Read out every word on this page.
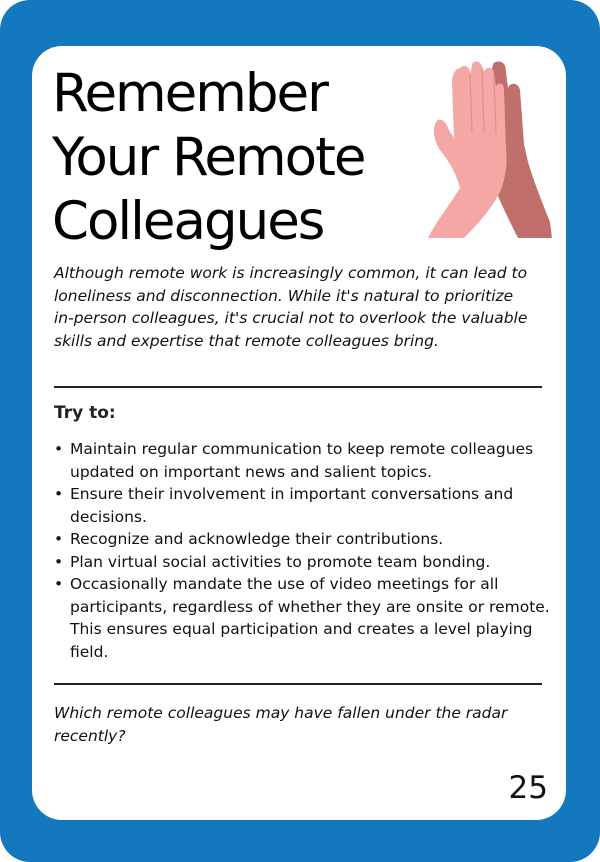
Remember Your Remote Colleagues

Although remote work is increasingly common, it can lead to loneliness and disconnection. While it's natural to prioritize in-person colleagues, it's crucial not to overlook the valuable skills and expertise that remote colleagues bring.

Try to:

• Maintain regular communication to keep remote colleagues updated on important news and salient topics.
• Ensure their involvement in important conversations and decisions.
• Recognize and acknowledge their contributions.
• Plan virtual social activities to promote team bonding.
• Occasionally mandate the use of video meetings for all participants, regardless of whether they are onsite or remote. This ensures equal participation and creates a level playing field.

Which remote colleagues may have fallen under the radar recently?

25
